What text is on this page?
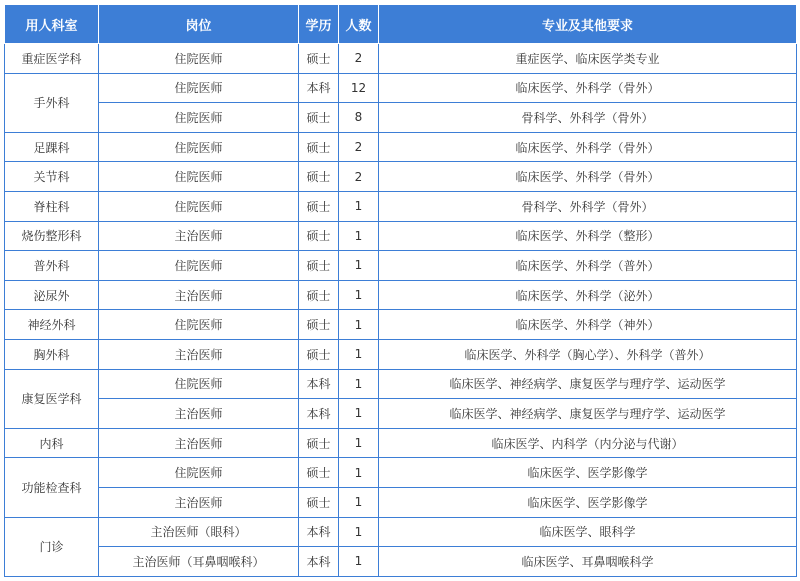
用人科室	岗位	学历	人数	专业及其他要求
重症医学科	住院医师	硕士	2	重症医学、临床医学类专业
手外科	住院医师	本科	12	临床医学、外科学（骨外）
	住院医师	硕士	8	骨科学、外科学（骨外）
足踝科	住院医师	硕士	2	临床医学、外科学（骨外）
关节科	住院医师	硕士	2	临床医学、外科学（骨外）
脊柱科	住院医师	硕士	1	骨科学、外科学（骨外）
烧伤整形科	主治医师	硕士	1	临床医学、外科学（整形）
普外科	住院医师	硕士	1	临床医学、外科学（普外）
泌尿外	主治医师	硕士	1	临床医学、外科学（泌外）
神经外科	住院医师	硕士	1	临床医学、外科学（神外）
胸外科	主治医师	硕士	1	临床医学、外科学（胸心学）、外科学（普外）
康复医学科	住院医师	本科	1	临床医学、神经病学、康复医学与理疗学、运动医学
	主治医师	本科	1	临床医学、神经病学、康复医学与理疗学、运动医学
内科	主治医师	硕士	1	临床医学、内科学（内分泌与代谢）
功能检查科	住院医师	硕士	1	临床医学、医学影像学
	主治医师	硕士	1	临床医学、医学影像学
门诊	主治医师（眼科）	本科	1	临床医学、眼科学
	主治医师（耳鼻咽喉科）	本科	1	临床医学、耳鼻咽喉科学
